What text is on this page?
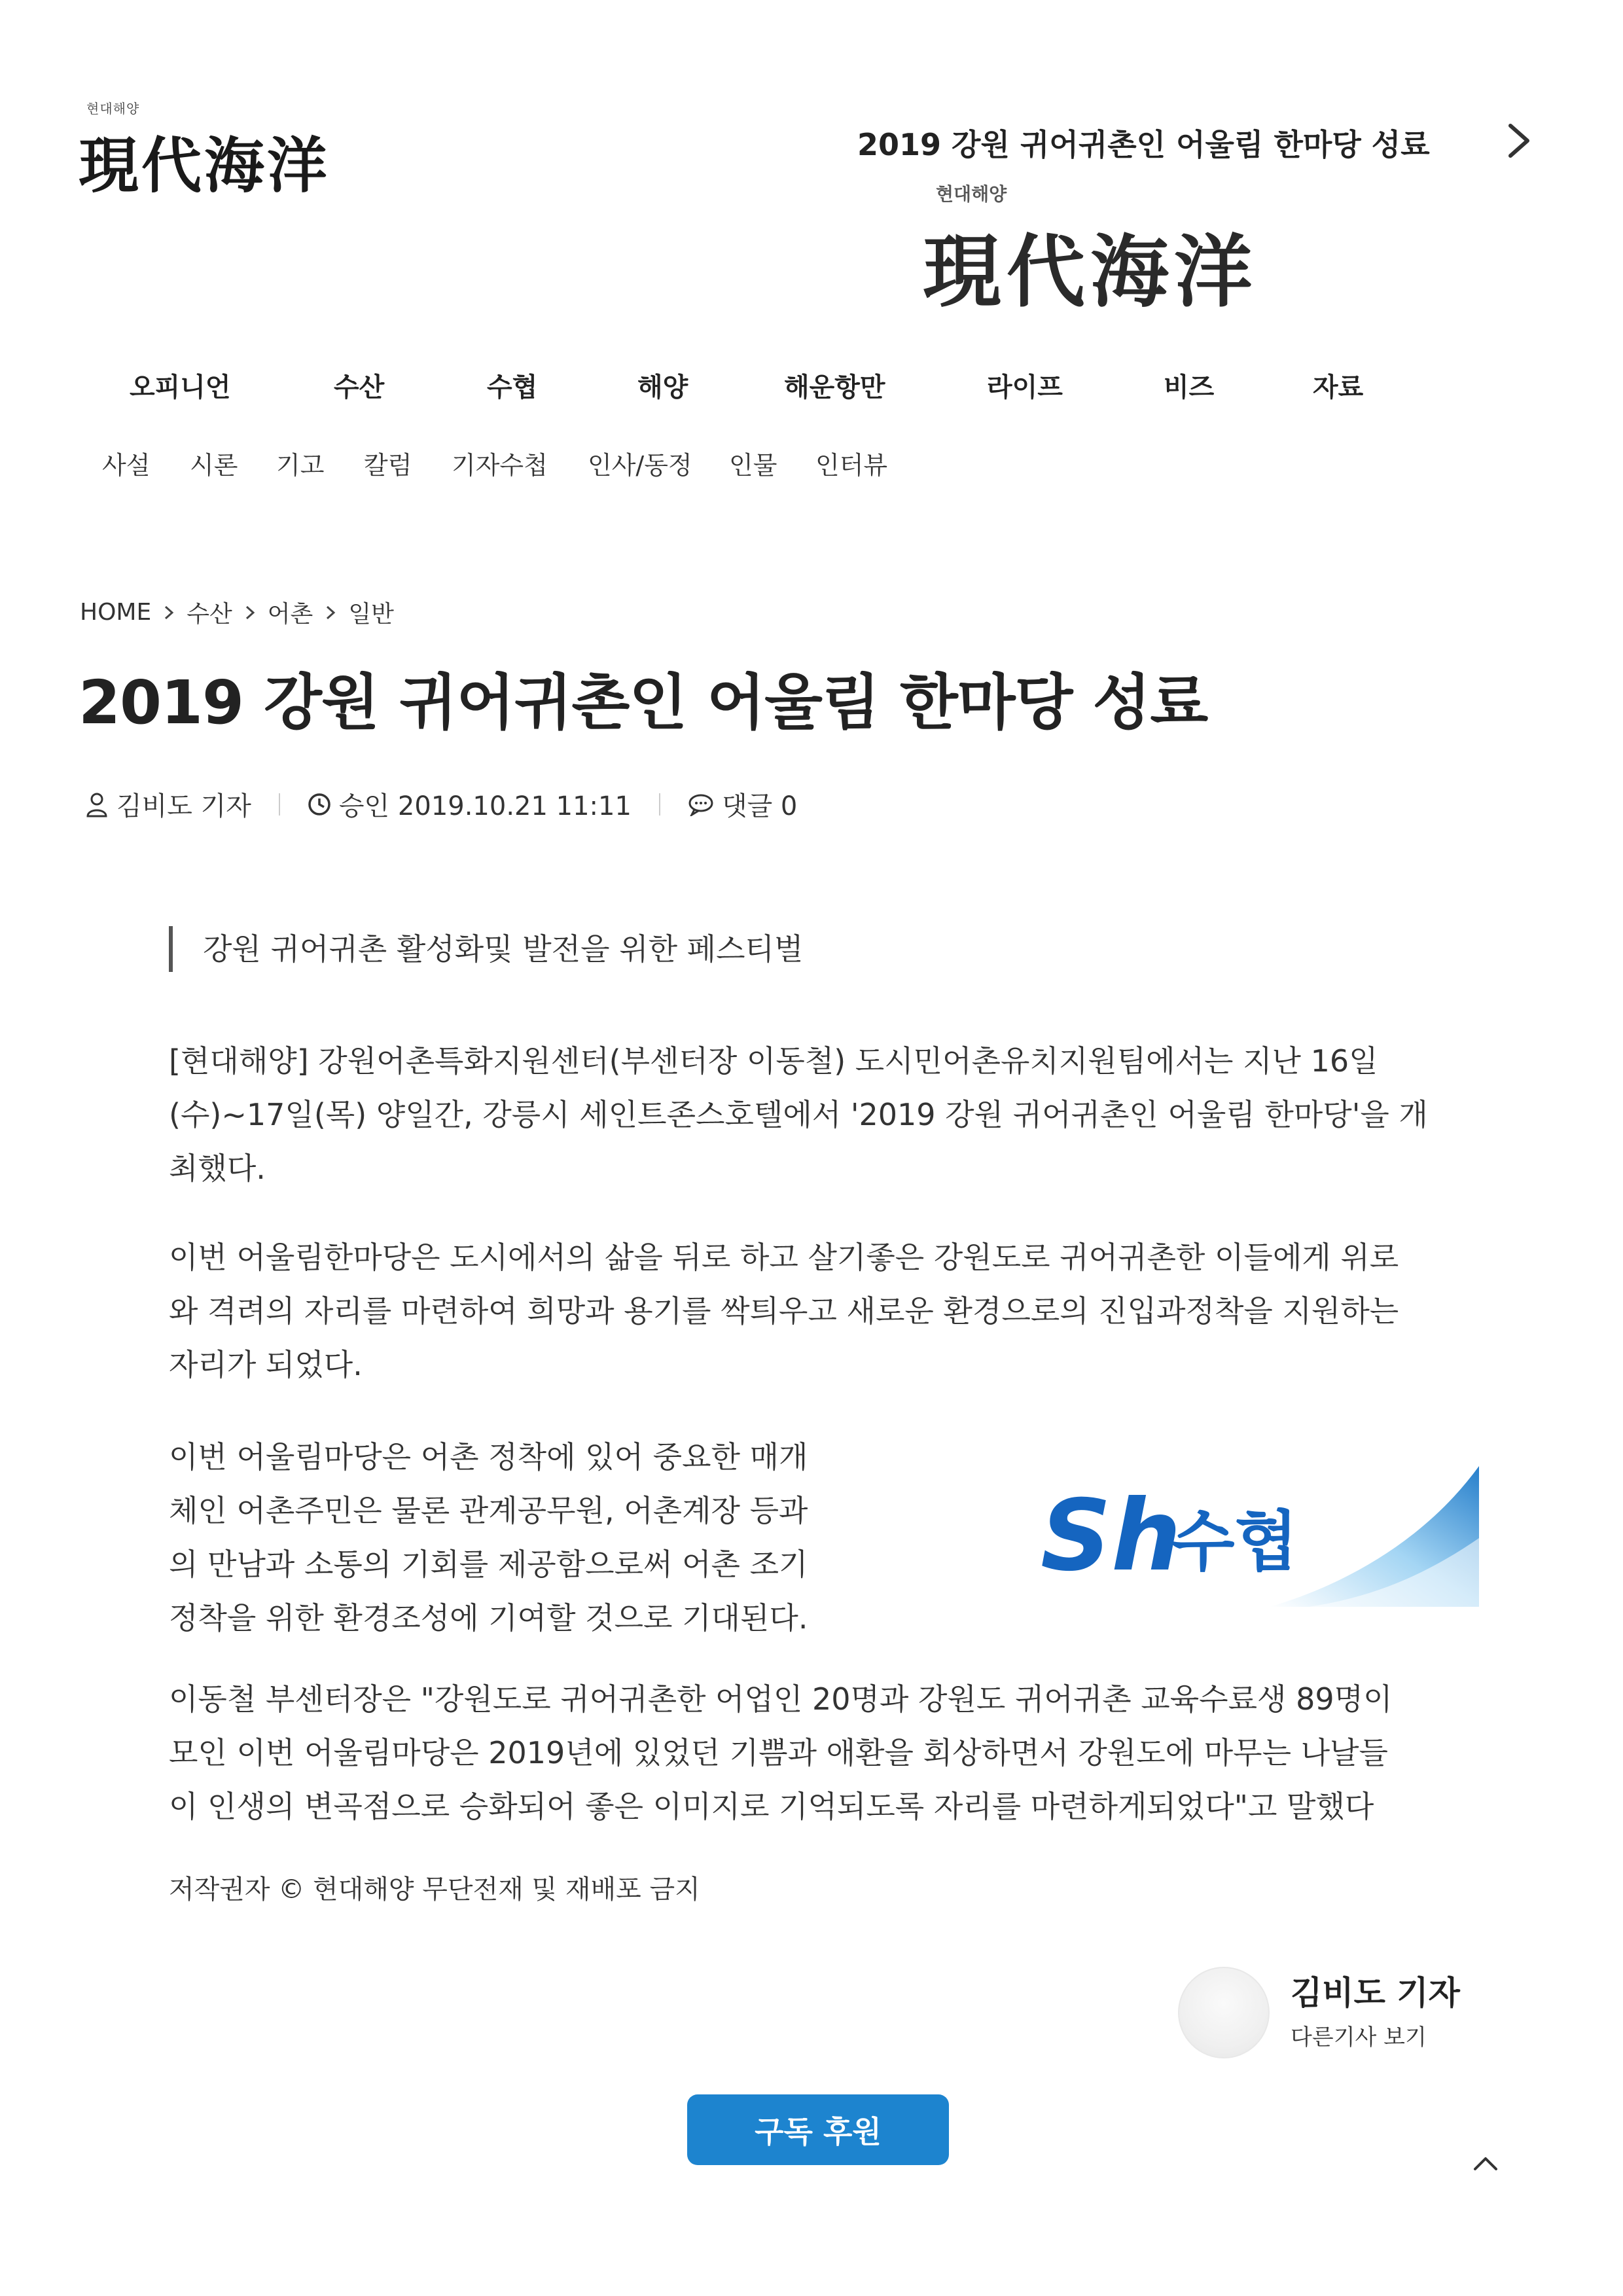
현대해양
現代海洋	2019 강원 귀어귀촌인 어울림 한마당 성료
현대해양
現代海洋
오피니언	수산	수협	해양	해운항만	라이프	비즈	자료
사설 시론 기고 칼럼 기자수첩 인사/동정 인물 인터뷰
HOME 수산 어촌 일반
2019 강원 귀어귀촌인 어울림 한마당 성료
김비도 기자	승인 2019.10.21 11:11	댓글 0
강원 귀어귀촌 활성화및 발전을 위한 페스티벌
[현대해양] 강원어촌특화지원센터(부센터장 이동철) 도시민어촌유치지원팀에서는 지난 16일
(수)~17일(목) 양일간, 강릉시 세인트존스호텔에서 '2019 강원 귀어귀촌인 어울림 한마당'을 개
최했다.
이번 어울림한마당은 도시에서의 삶을 뒤로 하고 살기좋은 강원도로 귀어귀촌한 이들에게 위로
와 격려의 자리를 마련하여 희망과 용기를 싹틔우고 새로운 환경으로의 진입과정착을 지원하는
자리가 되었다.
이번 어울림마당은 어촌 정착에 있어 중요한 매개
체인 어촌주민은 물론 관계공무원, 어촌계장 등과
의 만남과 소통의 기회를 제공함으로써 어촌 조기
정착을 위한 환경조성에 기여할 것으로 기대된다.
Sh
수협
이동철 부센터장은 "강원도로 귀어귀촌한 어업인 20명과 강원도 귀어귀촌 교육수료생 89명이
모인 이번 어울림마당은 2019년에 있었던 기쁨과 애환을 회상하면서 강원도에 마무는 나날들
이 인생의 변곡점으로 승화되어 좋은 이미지로 기억되도록 자리를 마련하게되었다"고 말했다
저작권자 © 현대해양 무단전재 및 재배포 금지
김비도 기자
다른기사 보기
구독 후원
